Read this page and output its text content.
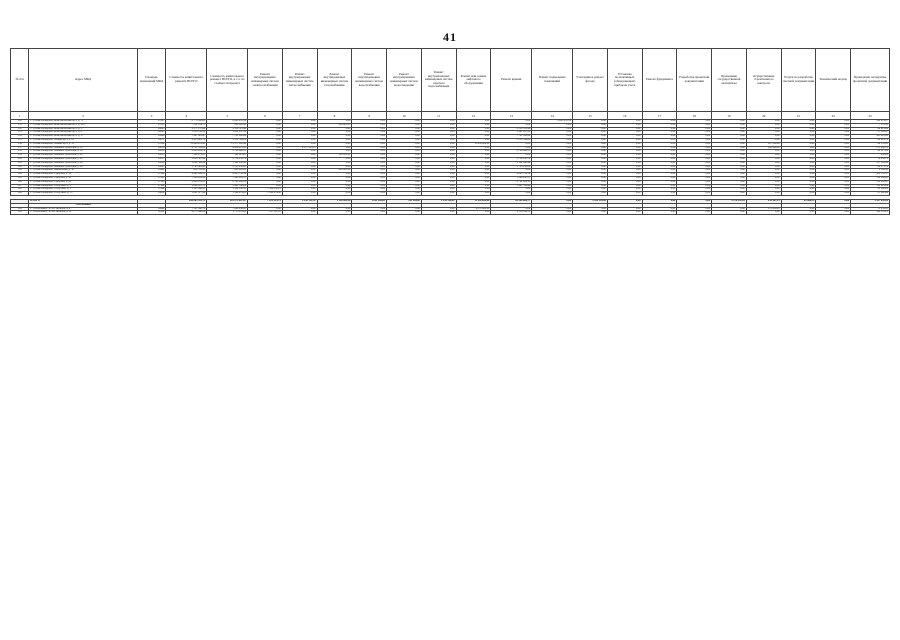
41
№ п/п	Адрес МКД	Площадь помещений МКД	Стоимость капитального ремонта ВСЕГО	Стоимость капитального ремонта ВСЕГО, в т.ч. по стоимости проекта	Ремонт внутридомовых инженерных систем электроснабжения	Ремонт внутридомовых инженерных систем теплоснабжения	Ремонт внутридомовых инженерных систем газоснабжения	Ремонт внутридомовых инженерных систем водоснабжения	Ремонт внутридомовых инженерных систем водоотведения	Ремонт внутридомовых инженерных систем горячего водоснабжения	Ремонт или замена лифтового оборудования	Ремонт крыши	Ремонт подвальных помещений	Утепление и ремонт фасада	Установка коллективных (общедомовых) приборов учета	Ремонт фундамента	Разработка проектной документации	Проведение государственной экспертизы	Осуществление строительного контроля	Услуги по разработке сметной документации	Технический надзор	Проведение экспертизы проектной документации
1	2	3	4	5	6	7	8	9	10	11	12	13	14	15	16	17	18	19	20	21	22	23
550	г. Усолье-Сибирское, Комсомольский пр-т, д. 71	37827	8 773 610,81	8 643 931,54	0,00	0,00	0,00	0,00	0,00	0,00	0,00	0,00	8 643 931,54	0,00	0,00	0,00	0,00	0,00	0,00	0,00	0,00	129 679,27
551	г. Усолье-Сибирское, Комсомольский пр-т, д. 93б	37855	232 184,75	224 605,43	0,00	0,00	224 605,43	0,00	0,00	0,00	0,00	0,00	0,00	0,00	0,00	0,00	0,00	0,00	0,00	0,00	0,00	7 579,32
552	г. Усолье-Сибирское, Комсомольский пр-т, д. 3	38293	2 577 137,64	2 510 315,98	0,00	0,00	0,00	0,00	0,00	0,00	0,00	2 510 315,98	0,00	0,00	0,00	0,00	0,00	0,00	0,00	0,00	0,00	66 821,66
553	г. Усолье-Сибирское, Комсомольский пр-т, д. 8	38291	1 318 786,52	1 281 657,56	0,00	0,00	0,00	0,00	0,00	0,00	0,00	1 281 657,56	0,00	0,00	0,00	0,00	0,00	0,00	0,00	0,00	0,00	37 128,97
554	г. Усолье-Сибирское, Комсомольский пр-т, д. 17	38296	7 947 005,47	7 781 092,64	0,00	0,00	0,00	0,00	0,00	0,00	0,00	7 781 092,64	0,00	0,00	0,00	0,00	0,00	0,00	0,00	0,00	0,00	165 912,83
555	г. Усолье-Сибирское, Ленина пр-т, д. 23	38271	2 413 465,78	2 352 544,04	0,00	0,00	0,00	0,00	0,00	0,00	0,00	2 352 544,04	0,00	0,00	0,00	0,00	0,00	0,00	0,00	0,00	0,00	60 921,74
556	г. Усолье-Сибирское, Ленина пр-т, д. 35	37834	11 646 876,41	11 577 320,48	0,00	0,00	0,00	0,00	0,00	0,00	11 450 000,00	0,00	0,00	0,00	0,00	0,00	0,00	0,00	127 320,48	0,00	0,00	69 555,93
557	г. Усолье-Сибирское, Машиностроителей, д. 10	38279	4 731 312,01	4 459 473,23	0,00	4 117 505,15	0,00	0,00	0,00	0,00	0,00	0,00	0,00	0,00	0,00	0,00	0,00	0,00	341 968,08	0,00	0,00	271 838,78
558	г. Усолье-Сибирское, Машиностроителей, д. 16	38259	2 845 209,79	2 796 692,55	0,00	0,00	0,00	0,00	0,00	0,00	0,00	2 796 692,55	0,00	0,00	0,00	0,00	0,00	0,00	0,00	0,00	0,00	48 517,24
559	г. Усолье-Сибирское, Машиностроителей, д. 20	38255	392 271,81	392 021,81	0,00	0,00	392 021,81	0,00	0,00	0,00	0,00	0,00	0,00	0,00	0,00	0,00	0,00	0,00	0,00	0,00	0,00	250,00
560	г. Усолье-Сибирское, Машиностроителей, д. 22	38257	2 808 307,49	2 734 250,79	0,00	0,00	0,00	0,00	0,00	0,00	0,00	2 734 250,79	0,00	0,00	0,00	0,00	0,00	0,00	0,00	0,00	0,00	74 056,70
561	г. Усолье-Сибирское, Машиностроителей, д. 24	38258	3 680 328,84	3 542 943,44	0,00	0,00	0,00	0,00	0,00	0,00	0,00	3 542 943,44	0,00	0,00	0,00	0,00	0,00	0,00	0,00	0,00	0,00	137 385,40
562	г. Усолье-Сибирское, Машиностроителей, д. 26	38247	2 765 802,41	2 705 230,63	0,00	0,00	0,00	0,00	0,00	0,00	0,00	2 705 230,63	0,00	0,00	0,00	0,00	0,00	0,00	0,00	0,00	0,00	60 571,78
563	г. Усолье-Сибирское, Менделеева, д. 30	38242	652 783,95	643 683,02	0,00	0,00	643 683,02	0,00	0,00	0,00	0,00	0,00	0,00	0,00	0,00	0,00	0,00	0,00	0,00	0,00	0,00	9 100,93
564	г. Усолье-Сибирское, Суворова, д. 14	37949	4 968 094,53	4 865 739,16	0,00	0,00	0,00	0,00	0,00	0,00	0,00	4 865 739,16	0,00	0,00	0,00	0,00	0,00	0,00	0,00	0,00	0,00	102 355,37
565	г. Усолье-Сибирское, Суворова, д. 16	37950	7 994 224,42	7 860 218,37	0,00	0,00	0,00	0,00	0,00	0,00	0,00	7 860 218,37	0,00	0,00	0,00	0,00	0,00	0,00	0,00	0,00	0,00	134 006,05
566	г. Усолье-Сибирское, Суворова, д. 20	37945	2 894 191,85	2 761 909,38	0,00	0,00	0,00	0,00	0,00	0,00	0,00	2 761 909,38	0,00	0,00	0,00	0,00	0,00	0,00	0,00	0,00	0,00	132 282,47
567	г. Усолье-Сибирское, Толбухина, д. 3	37992	3 624 957,73	3 491 338,64	0,00	0,00	0,00	0,00	0,00	0,00	0,00	3 491 338,64	0,00	0,00	0,00	0,00	0,00	0,00	0,00	0,00	0,00	133 619,09
568	г. Усолье-Сибирское, Толбухина, д. 5	37994	1 345 640,41	1 324 352,13	1 324 352,13	0,00	0,00	0,00	0,00	0,00	0,00	0,00	0,00	0,00	0,00	0,00	0,00	0,00	0,00	0,00	0,00	21 288,28
569	г. Усолье-Сибирское, Толбухина, д. 13	38034	1 621 477,48	1 594 474,82	1 594 474,82	0,00	0,00	0,00	0,00	0,00	0,00	0,00	0,00	0,00	0,00	0,00	0,00	0,00	0,00	0,00	0,00	27 002,66

	ИТОГО		108 803 319,71	105 273 687,47	7 221 513,74	9 552 741,32	1 196 893,28	1 029 964,65	593 296,00	2 143 316,81	11 450 000,00	63 908 626,77	0,00	9 454 394,96	0,00	0,00	0,00	9 376 532,09	249 567,13	83 086,33	0,00	3 527 632,24
	Усть-Илимск																					
589	г. Усть-Илимск, 50 лет Октября, д. 4	38499	7 121 990,76	7 048 956,95	0,00	0,00	0,00	0,00	0,00	0,00	6 870 000,00	0,00	0,00	0,00	0,00	0,00	0,00	0,00	178 956,95	0,00	0,00	73 033,81
590	г. Усть-Илимск, 50 лет Октября, д. 12	38500	6 075 846,86	5 715 476,61	257 111,81	0,00	0,00	0,00	0,00	0,00	0,00	4 556 144,13	0,00	0,00	0,00	0,00	0,00	0,00	0,00	0,00	0,00	360 370,25
